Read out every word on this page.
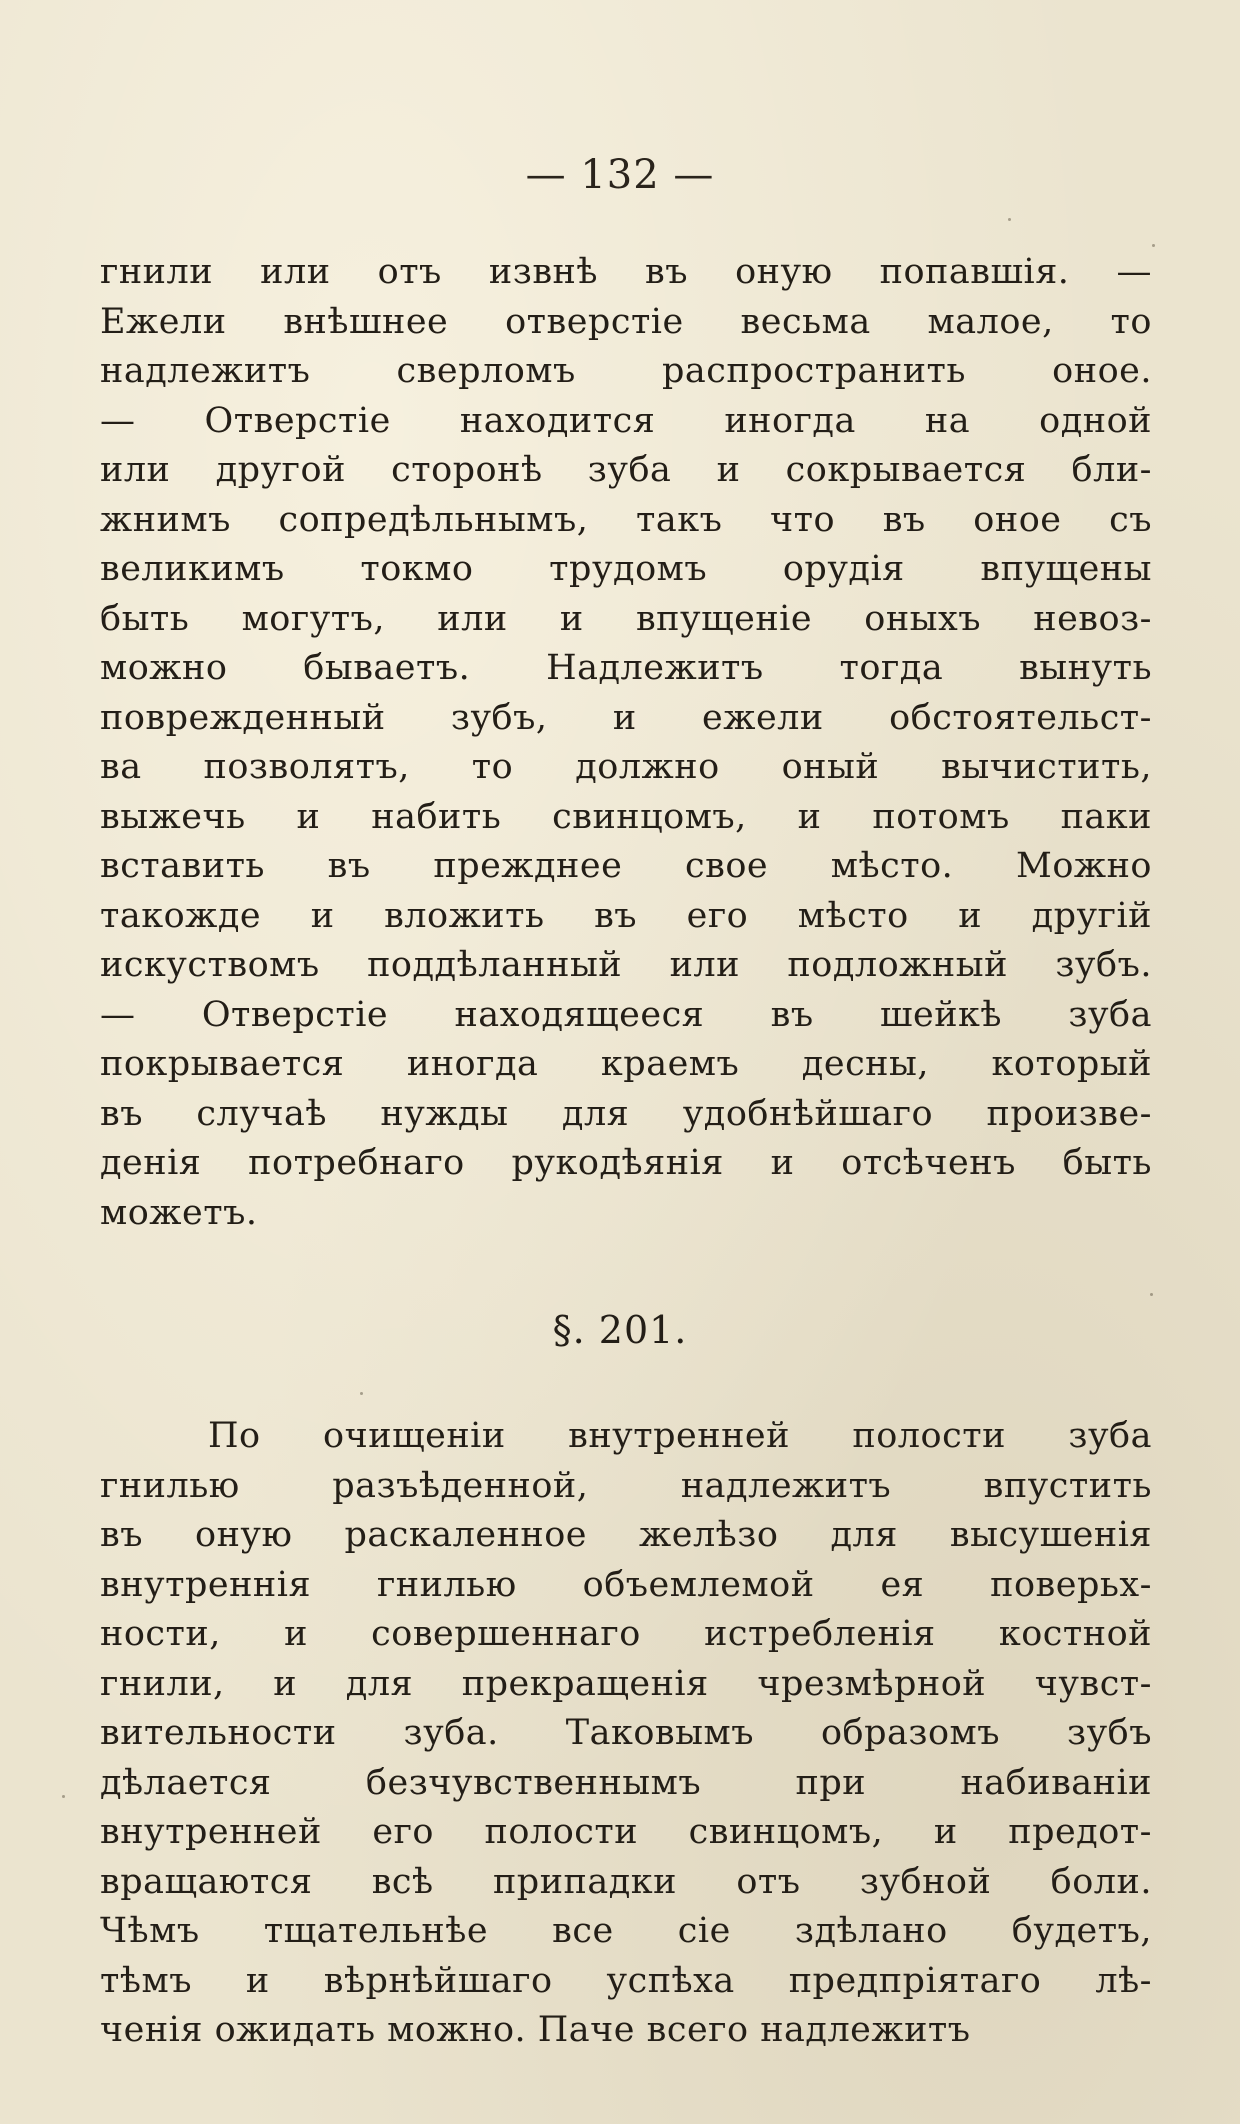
— 132 —
гнили или отъ извнѣ въ оную попавшія. —
Ежели внѣшнее отверстіе весьма малое, то
надлежитъ сверломъ распространить оное.
— Отверстіе находится иногда на одной
или другой сторонѣ зуба и сокрывается бли-
жнимъ сопредѣльнымъ, такъ что въ оное съ
великимъ токмо трудомъ орудія впущены
быть могутъ, или и впущеніе оныхъ невоз-
можно бываетъ. Надлежитъ тогда вынуть
поврежденный зубъ, и ежели обстоятельст-
ва позволятъ, то должно оный вычистить,
выжечь и набить свинцомъ, и потомъ паки
вставить въ прежднее свое мѣсто. Можно
такожде и вложить въ его мѣсто и другій
искуствомъ поддѣланный или подложный зубъ.
— Отверстіе находящееся въ шейкѣ зуба
покрывается иногда краемъ десны, который
въ случаѣ нужды для удобнѣйшаго произве-
денія потребнаго рукодѣянія и отсѣченъ быть
можетъ.
§. 201.
По очищеніи внутренней полости зуба
гнилью разъѣденной, надлежитъ впустить
въ оную раскаленное желѣзо для высушенія
внутреннія гнилью объемлемой ея поверьх-
ности, и совершеннаго истребленія костной
гнили, и для прекращенія чрезмѣрной чувст-
вительности зуба. Таковымъ образомъ зубъ
дѣлается безчувственнымъ при набиваніи
внутренней его полости свинцомъ, и предот-
вращаются всѣ припадки отъ зубной боли.
Чѣмъ тщательнѣе все сіе здѣлано будетъ,
тѣмъ и вѣрнѣйшаго успѣха предпріятаго лѣ-
ченія ожидать можно. Паче всего надлежитъ
